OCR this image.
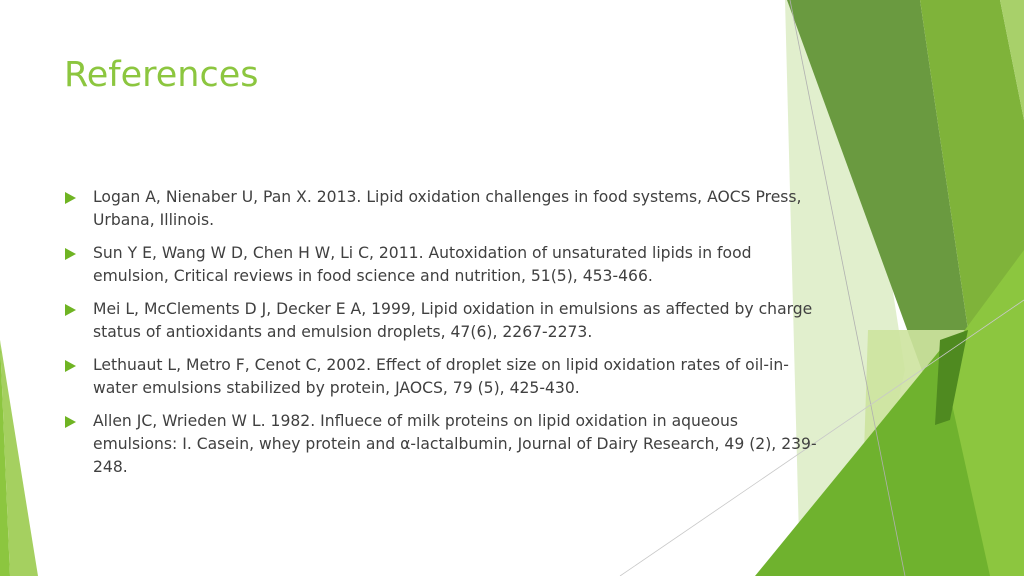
References
Logan A, Nienaber U, Pan X. 2013. Lipid oxidation challenges in food systems, AOCS Press, Urbana, Illinois.
Sun Y E, Wang W D, Chen H W, Li C, 2011. Autoxidation of unsaturated lipids in food emulsion, Critical reviews in food science and nutrition, 51(5), 453-466.
Mei L, McClements D J, Decker E A, 1999, Lipid oxidation in emulsions as affected by charge status of antioxidants and emulsion droplets, 47(6), 2267-2273.
Lethuaut L, Metro F, Cenot C, 2002. Effect of droplet size on lipid oxidation rates of oil-in-water emulsions stabilized by protein, JAOCS, 79 (5), 425-430.
Allen JC, Wrieden W L. 1982. Influece of milk proteins on lipid oxidation in aqueous emulsions: I. Casein, whey protein and α-lactalbumin, Journal of Dairy Research, 49 (2), 239-248.
